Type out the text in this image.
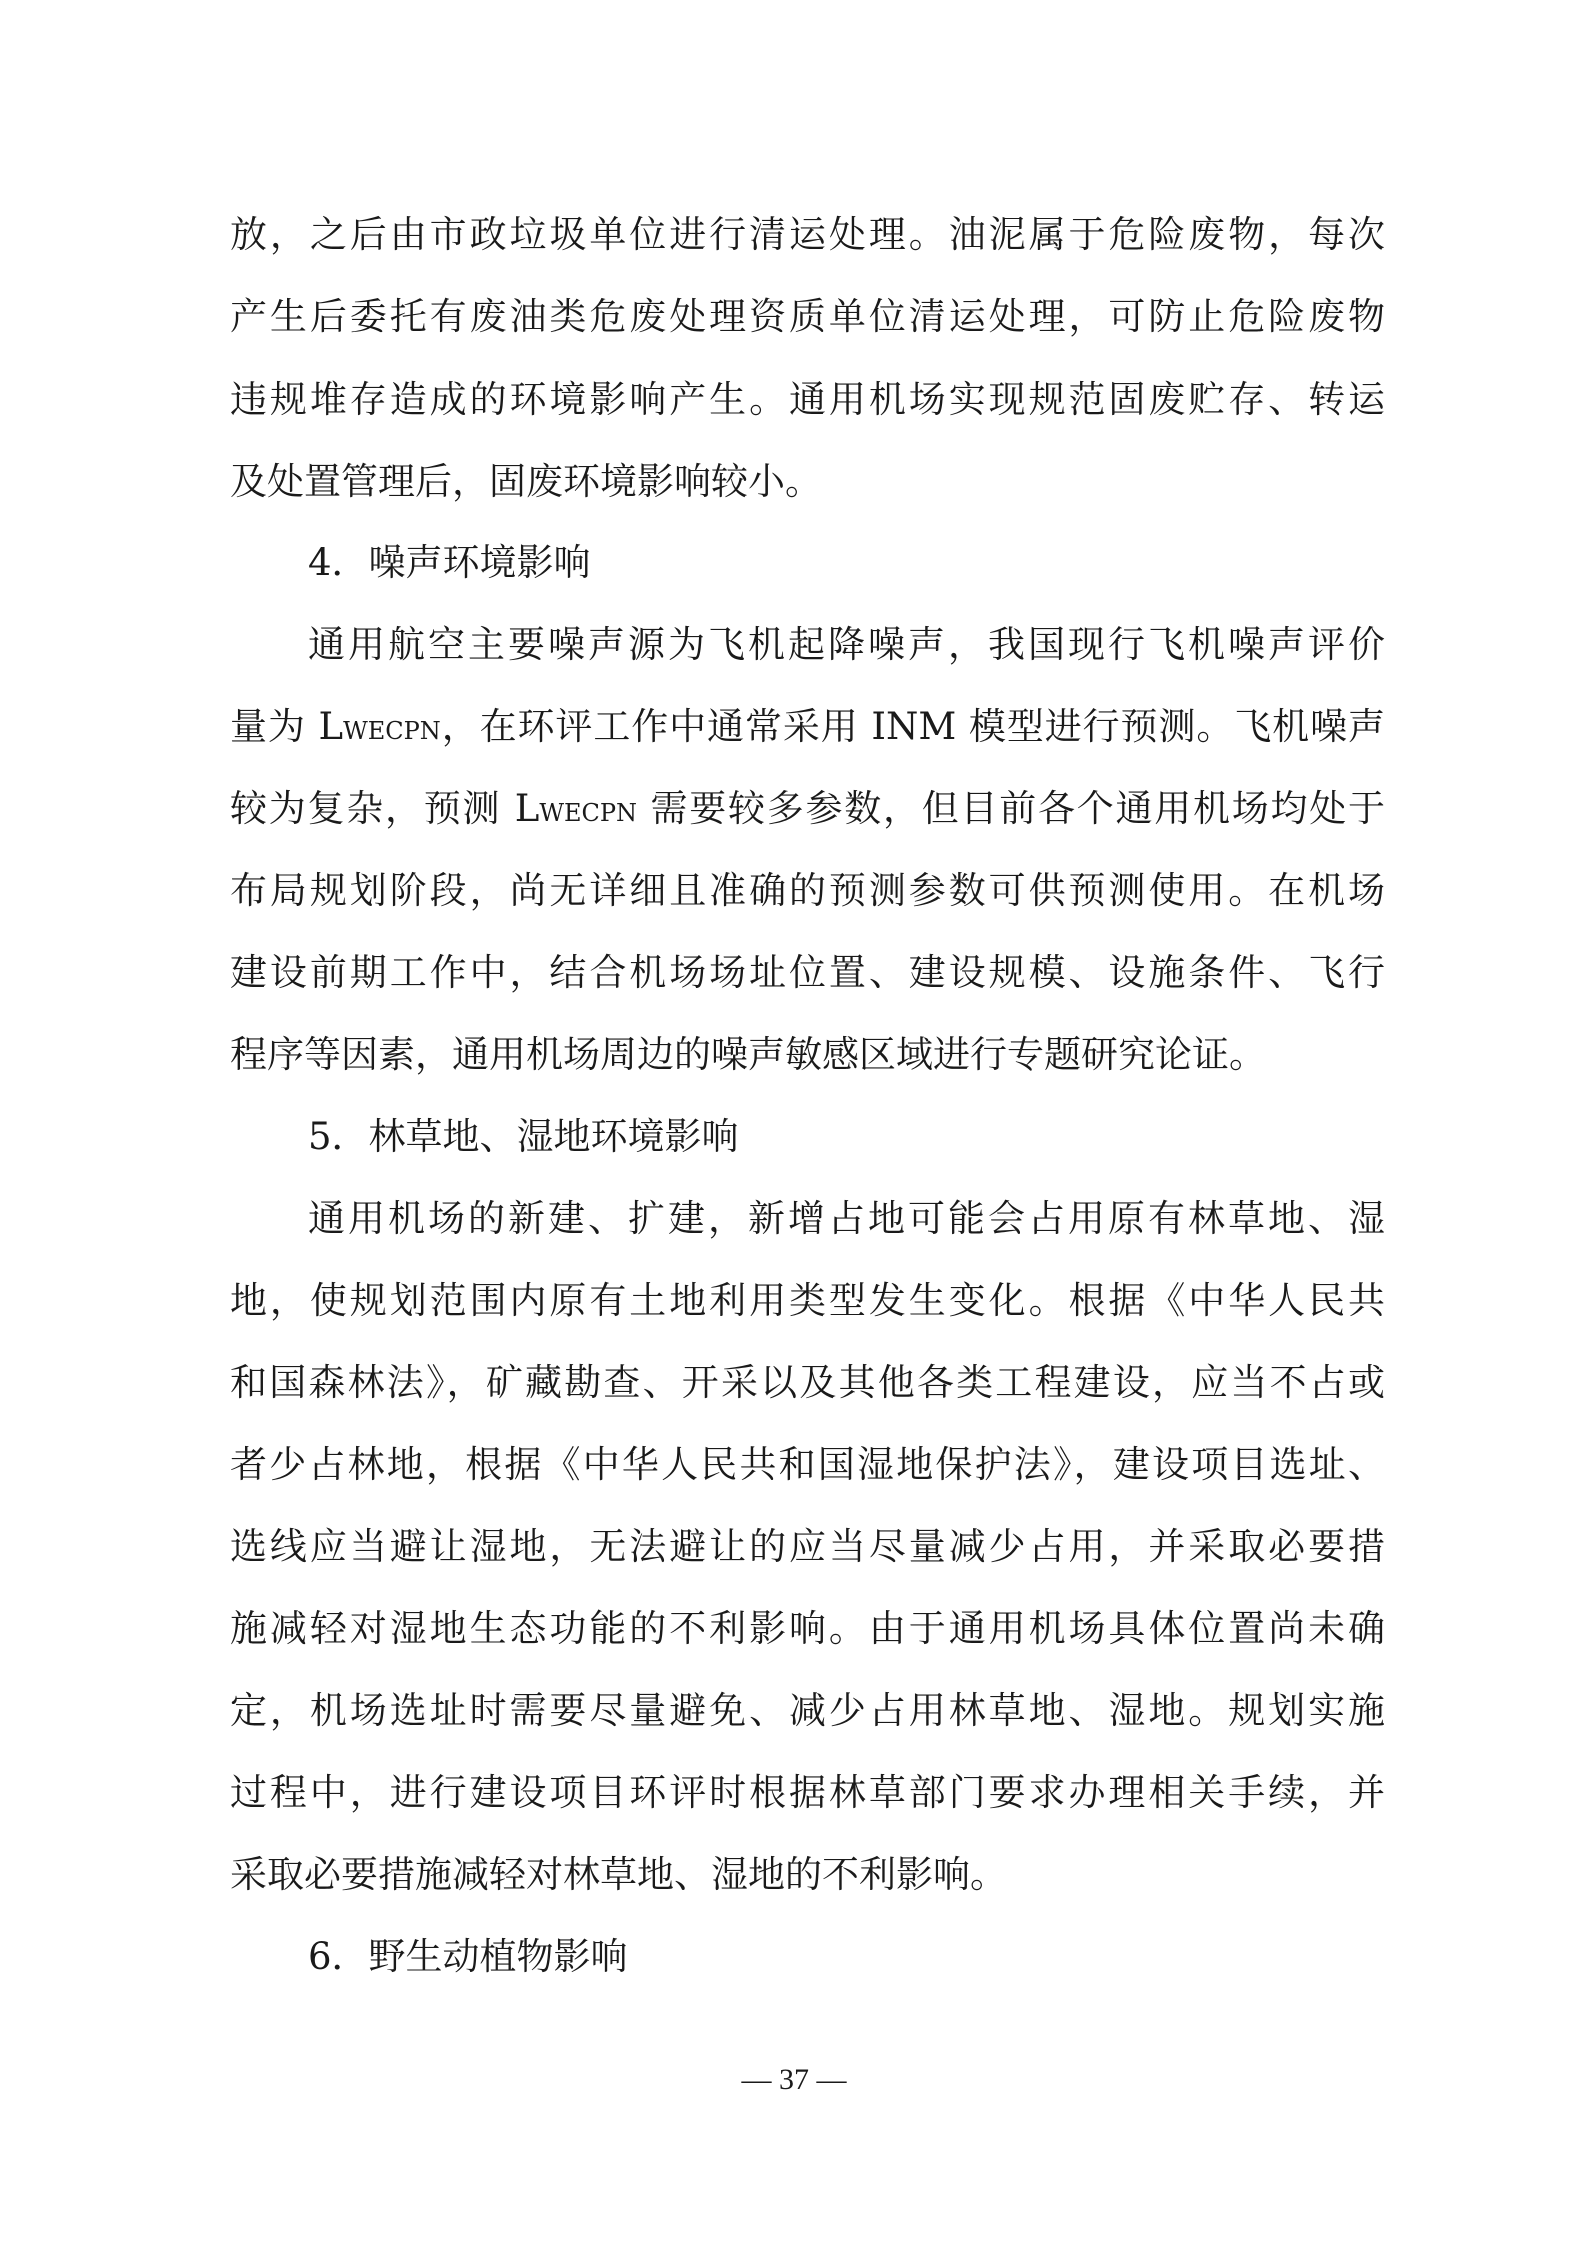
放，之后由市政垃圾单位进行清运处理。油泥属于危险废物，每次
产生后委托有废油类危废处理资质单位清运处理，可防止危险废物
违规堆存造成的环境影响产生。通用机场实现规范固废贮存、转运
及处置管理后，固废环境影响较小。
4．噪声环境影响
通用航空主要噪声源为飞机起降噪声，我国现行飞机噪声评价
量为 LWECPN，在环评工作中通常采用 INM 模型进行预测。飞机噪声
较为复杂，预测 LWECPN 需要较多参数，但目前各个通用机场均处于
布局规划阶段，尚无详细且准确的预测参数可供预测使用。在机场
建设前期工作中，结合机场场址位置、建设规模、设施条件、飞行
程序等因素，通用机场周边的噪声敏感区域进行专题研究论证。
5．林草地、湿地环境影响
通用机场的新建、扩建，新增占地可能会占用原有林草地、湿
地，使规划范围内原有土地利用类型发生变化。根据《中华人民共
和国森林法》，矿藏勘查、开采以及其他各类工程建设，应当不占或
者少占林地，根据《中华人民共和国湿地保护法》，建设项目选址、
选线应当避让湿地，无法避让的应当尽量减少占用，并采取必要措
施减轻对湿地生态功能的不利影响。由于通用机场具体位置尚未确
定，机场选址时需要尽量避免、减少占用林草地、湿地。规划实施
过程中，进行建设项目环评时根据林草部门要求办理相关手续，并
采取必要措施减轻对林草地、湿地的不利影响。
6．野生动植物影响
— 37 —
